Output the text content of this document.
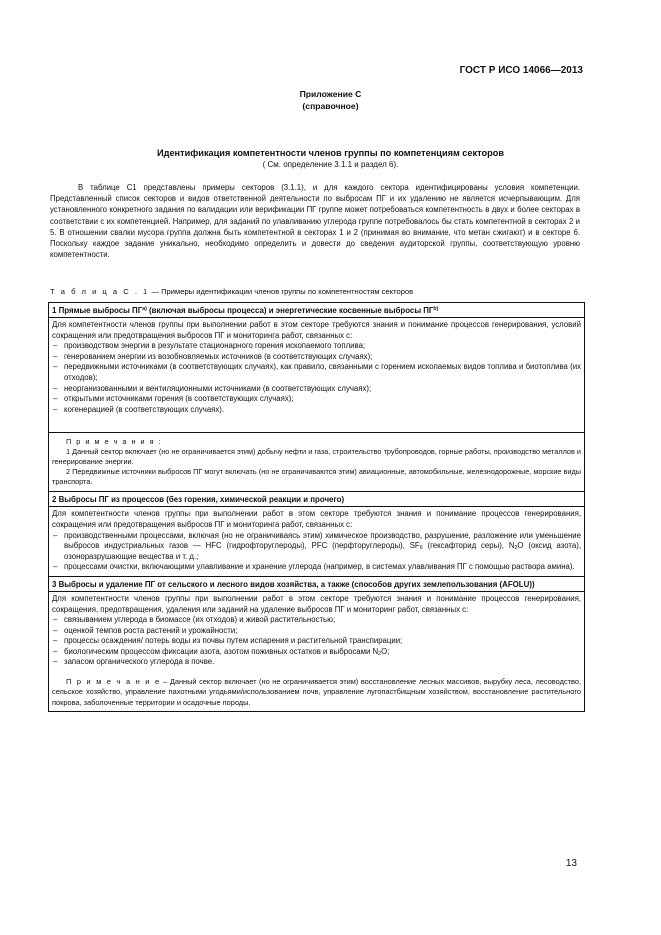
ГОСТ Р ИСО 14066—2013
Приложение С
(справочное)
Идентификация компетентности членов группы по компетенциям секторов
( См. определение 3.1.1 и раздел 6).

В таблице С1 представлены примеры секторов (3.1.1), и для каждого сектора идентифицированы условия компетенции. Представленный список секторов и видов ответственной деятельности по выбросам ПГ и их удалению не является исчерпывающим. Для установленного конкретного задания по валидации или верификации ПГ группе может потребоваться компетентность в двух и более секторах в соответствии с их компетенцией. Например, для заданий по улавливанию углерода группе потребовалось бы стать компетентной в секторах 2 и 5. В отношении свалки мусора группа должна быть компетентной в секторах 1 и 2 (принимая во внимание, что метан сжигают) и в секторе 6. Поскольку каждое задание уникально, необходимо определить и довести до сведения аудиторской группы, соответствующую уровню компетентности.

Т а б л и ц а С . 1 — Примеры идентификации членов группы по компетентностям секторов
1 Прямые выбросы ПГ$^{a)}$ (включая выбросы процесса) и энергетические косвенные выбросы ПГ$^{b)}$

Для компетентности членов группы при выполнении работ в этом секторе требуются знания и понимание процессов генерирования, условий сокращения или предотвращения выбросов ПГ и мониторинга работ, связанных с:

– производством энергии в результате стационарного горения ископаемого топлива;
– генерованием энергии из возобновляемых источников (в соответствующих случаях);
– передвижными источниками (в соответствующих случаях), как правило, связанными с горением ископаемых видов топлива и биотоплива (их отходов);
– неорганизованными и вентиляционными источниками (в соответствующих случаях);
– открытыми источниками горения (в соответствующих случаях);
– когенерацией (в соответствующих случаях).

П р и м е ч а н и я :

1 Данный сектор включает (но не ограничивается этим) добычу нефти и газа, строительство трубопроводов, горные работы, производство металлов и генерирование энергии.

2 Передвижные источники выбросов ПГ могут включать (но не ограничиваются этим) авиационные, автомобильные, железнодорожные, морские виды транспорта.

2 Выбросы ПГ из процессов (без горения, химической реакции и прочего)

Для компетентности членов группы при выполнении работ в этом секторе требуются знания и понимание процессов генерирования, сокращения или предотвращения выбросов ПГ и мониторинга работ, связанных с:

– производственными процессами, включая (но не ограничиваясь этим) химическое производство, разрушение, разложение или уменьшение выбросов индустриальных газов — HFC (гидрофторуглероды), PFC (перфторуглероды), $SF_6$ (гексафторид серы), $N_2O$ (оксид азота), озоноразрушающие вещества и т. д.;
– процессами очистки, включающими улавливание и хранение углерода (например, в системах улавливания ПГ с помощью раствора амина).
3 Выбросы и удаление ПГ от сельского и лесного видов хозяйства, а также (способов других землепользования (AFOLU))

Для компетентности членов группы при выполнении работ в этом секторе требуются знания и понимание процессов генерирования, сокращения, предотвращения, удаления или заданий на удаление выбросов ПГ и мониторинг работ, связанных с:

– связыванием углерода в биомассе (их отходов) и живой растительностью;
– оценкой темпов роста растений и урожайности;
– процессы осаждения/ потерь воды из почвы путем испарения и растительной транспирации;
– биологическим процессом фиксации азота, азотом поживных остатков и выбросами $N_2O$;
– запасом органического углерода в почве.

П р и м е ч а н и е – Данный сектор включает (но не ограничивается этим) восстановление лесных массивов, вырубку леса, лесоводство, сельское хозяйство, управление пахотными угодьями/использованием почв, управление лугопастбищным хозяйством, восстановление растительного покрова, заболоченные территории и осадочные породы.

13
